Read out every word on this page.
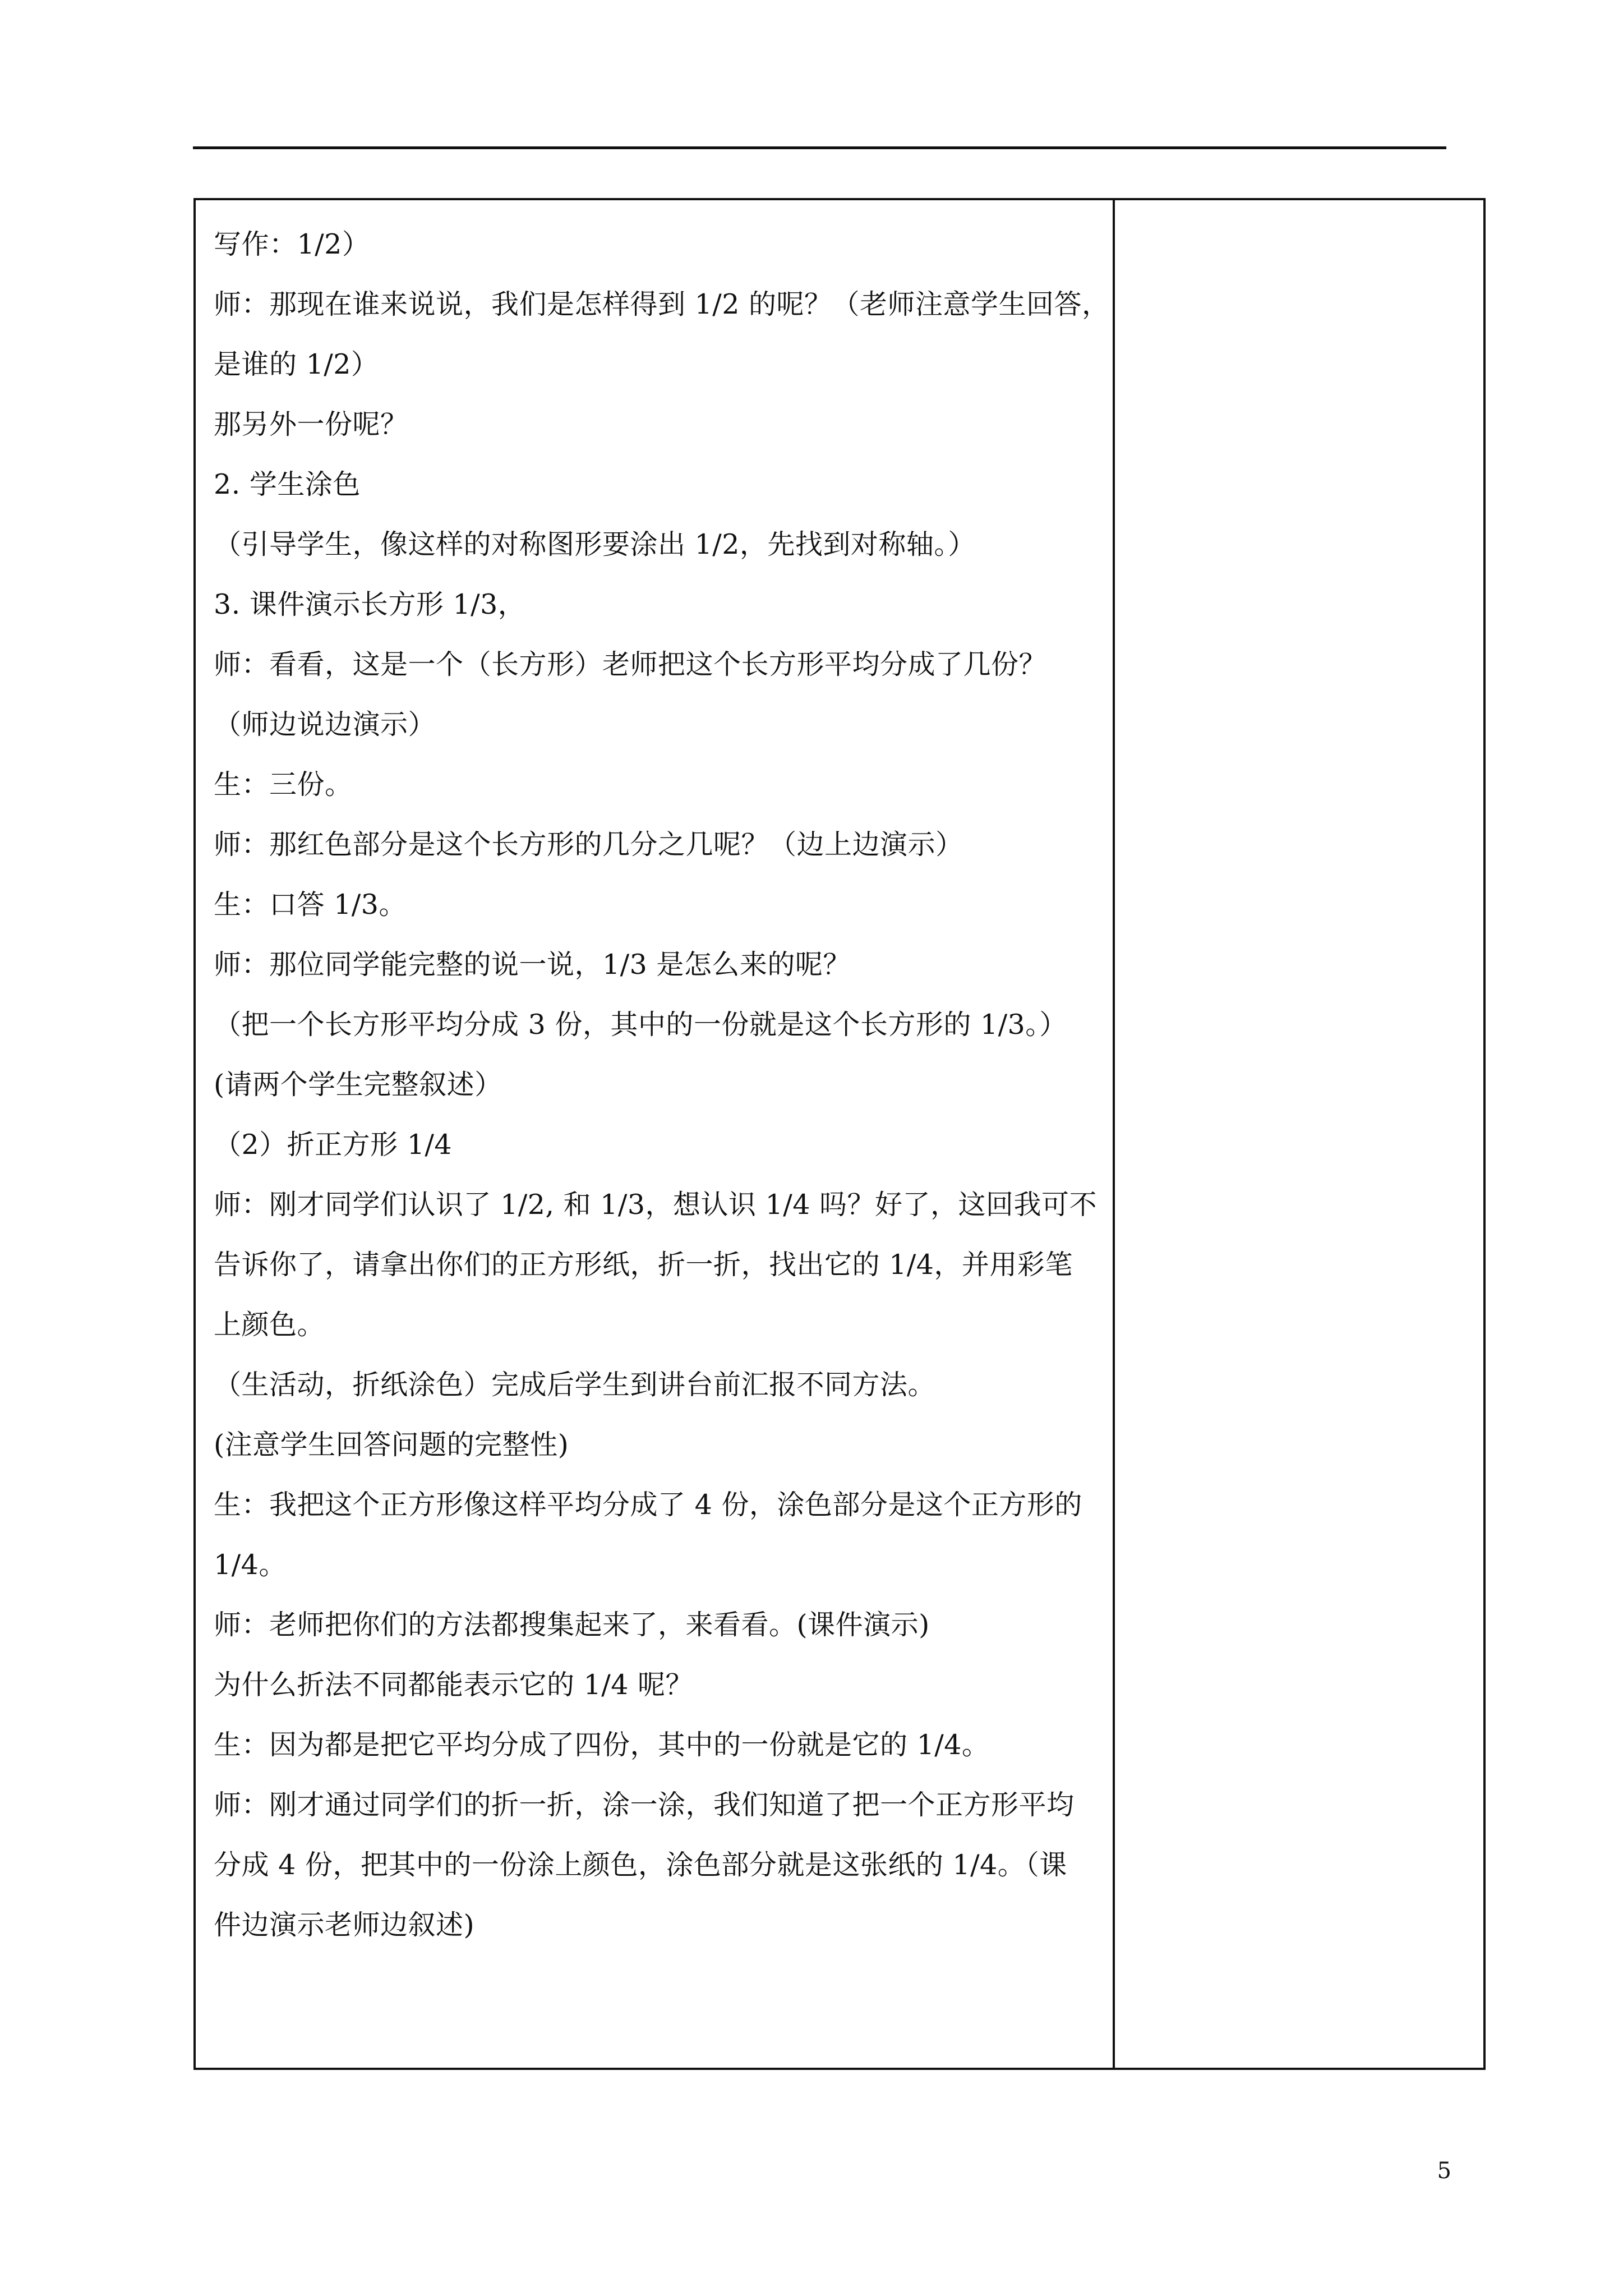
写作：1/2）
师：那现在谁来说说，我们是怎样得到 1/2 的呢？（老师注意学生回答，
是谁的 1/2）
那另外一份呢？
2. 学生涂色
（引导学生，像这样的对称图形要涂出 1/2，先找到对称轴。）
3. 课件演示长方形 1/3，
师：看看，这是一个（长方形）老师把这个长方形平均分成了几份？
（师边说边演示）
生：三份。
师：那红色部分是这个长方形的几分之几呢？（边上边演示）
生：口答 1/3。
师：那位同学能完整的说一说，1/3 是怎么来的呢？
（把一个长方形平均分成 3 份，其中的一份就是这个长方形的 1/3。）
(请两个学生完整叙述）
（2）折正方形 1/4
师：刚才同学们认识了 1/2, 和 1/3，想认识 1/4 吗？好了，这回我可不
告诉你了，请拿出你们的正方形纸，折一折，找出它的 1/4，并用彩笔
上颜色。
（生活动，折纸涂色）完成后学生到讲台前汇报不同方法。
(注意学生回答问题的完整性)
生：我把这个正方形像这样平均分成了 4 份，涂色部分是这个正方形的
1/4。
师：老师把你们的方法都搜集起来了，来看看。(课件演示)
为什么折法不同都能表示它的 1/4 呢？
生：因为都是把它平均分成了四份，其中的一份就是它的 1/4。
师：刚才通过同学们的折一折，涂一涂，我们知道了把一个正方形平均
分成 4 份，把其中的一份涂上颜色，涂色部分就是这张纸的 1/4。（课
件边演示老师边叙述)
5
